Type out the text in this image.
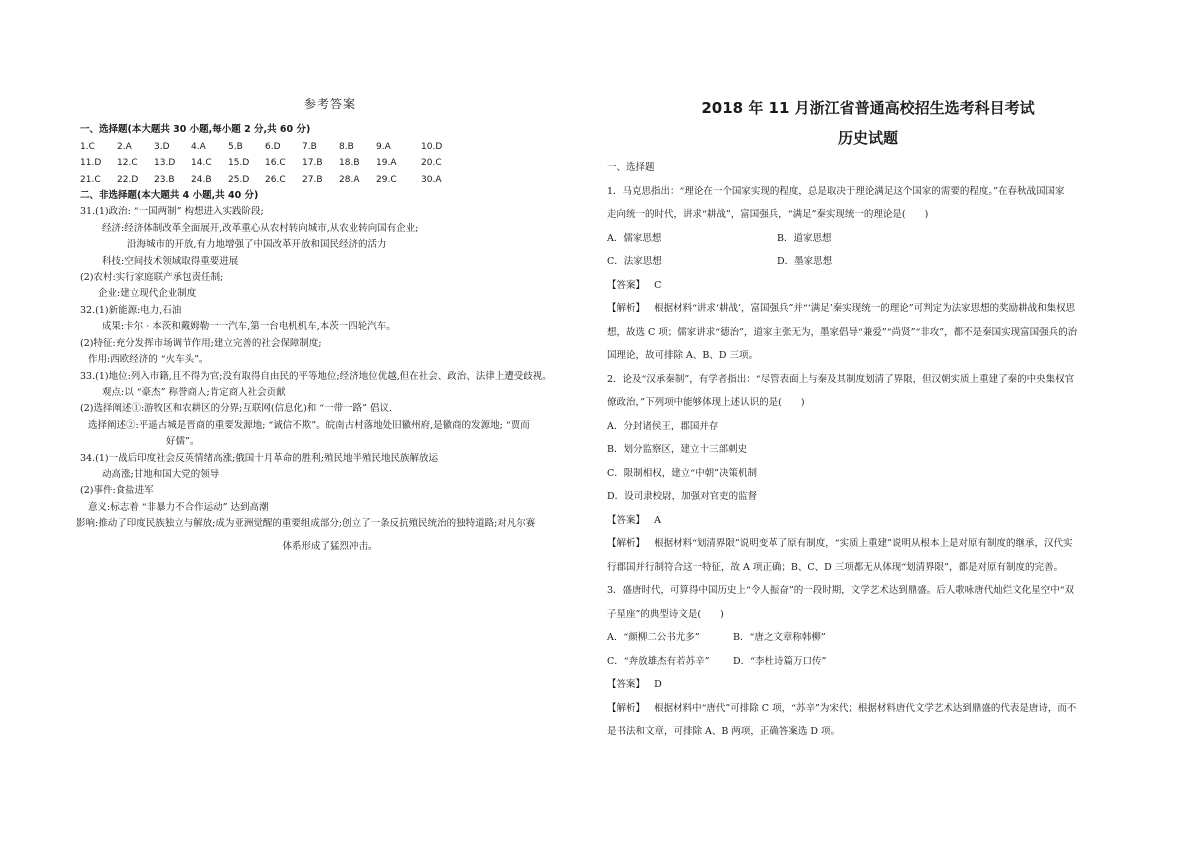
参考答案
一、选择题(本大题共 30 小题,每小题 2 分,共 60 分)
1.C	2.A	3.D	4.A	5.B	6.D	7.B	8.B	9.A	10.D
11.D	12.C	13.D	14.C	15.D	16.C	17.B	18.B	19.A	20.C
21.C	22.D	23.B	24.B	25.D	26.C	27.B	28.A	29.C	30.A
二、非选择题(本大题共 4 小题,共 40 分)
31.(1)政治: “一国两制” 构想进入实践阶段;
经济:经济体制改革全面展开,改革重心从农村转向城市,从农业转向国有企业;
沿海城市的开放,有力地增强了中国改革开放和国民经济的活力
科技:空间技术领域取得重要进展
(2)农村:实行家庭联产承包责任制;
企业:建立现代企业制度
32.(1)新能源:电力,石油
成果:卡尔 · 本茨和戴姆勒一一汽车,第一台电机机车,本茨一四轮汽车。
(2)特征:充分发挥市场调节作用;建立完善的社会保障制度;
作用:西欧经济的 “火车头”。
33.(1)地位:列入市籍,且不得为官;没有取得自由民的平等地位;经济地位优越,但在社会、政治、法律上遭受歧视。
观点:以 “豪杰” 称誉商人;肯定商人社会贡献
(2)选择阐述①:游牧区和农耕区的分界;互联网(信息化)和 “一带一路” 倡议.
选择阐述②:平遥古城是晋商的重要发源地; “诚信不欺”。皖南古村落地处旧徽州府,是徽商的发源地; “贾而
好儒”。
34.(1)一战后印度社会反英情绪高涨;俄国十月革命的胜利;殖民地半殖民地民族解放运
动高涨;甘地和国大党的领导
(2)事件:食盐进军
意义:标志着 “非暴力不合作运动” 达到高潮
影响:推动了印度民族独立与解放;成为亚洲觉醒的重要组成部分;创立了一条反抗殖民统治的独特道路;对凡尔赛
体系形成了猛烈冲击。
2018 年 11 月浙江省普通高校招生选考科目考试
历史试题
一、选择题
1．马克思指出：“理论在一个国家实现的程度，总是取决于理论满足这个国家的需要的程度。”在春秋战国国家
走向统一的时代，讲求“耕战”，富国强兵，“满足”秦实现统一的理论是(　　)
A．儒家思想	B．道家思想
C．法家思想	D．墨家思想
【答案】 C
【解析】 根据材料“讲求‘耕战’，富国强兵”并“‘满足’秦实现统一的理论”可判定为法家思想的奖励耕战和集权思
想，故选 C 项；儒家讲求“德治”，道家主张无为，墨家倡导“兼爱”“尚贤”“非攻”，都不是秦国实现富国强兵的治
国理论，故可排除 A、B、D 三项。
2．论及“汉承秦制”，有学者指出：“尽管表面上与秦及其制度划清了界限，但汉朝实质上重建了秦的中央集权官
僚政治，”下列项中能够体现上述认识的是(　　)
A．分封诸侯王，郡国并存
B．划分监察区，建立十三部刺史
C．限制相权，建立“中朝”决策机制
D．设司隶校尉，加强对官吏的监督
【答案】 A
【解析】 根据材料“划清界限”说明变革了原有制度，“实质上重建”说明从根本上是对原有制度的继承，汉代实
行郡国并行制符合这一特征，故 A 项正确；B、C、D 三项都无从体现“划清界限”，都是对原有制度的完善。
3．盛唐时代，可算得中国历史上“令人振奋”的一段时期，文学艺术达到鼎盛。后人歌咏唐代灿烂文化星空中“双
子星座”的典型诗文是(　　)
A．“颜柳二公书尤多”	B．“唐之文章称韩柳”
C．“奔放雄杰有若苏辛”	D．“李杜诗篇万口传”
【答案】 D
【解析】 根据材料中“唐代”可排除 C 项，“苏辛”为宋代；根据材料唐代文学艺术达到鼎盛的代表是唐诗，而不
是书法和文章，可排除 A、B 两项，正确答案选 D 项。
